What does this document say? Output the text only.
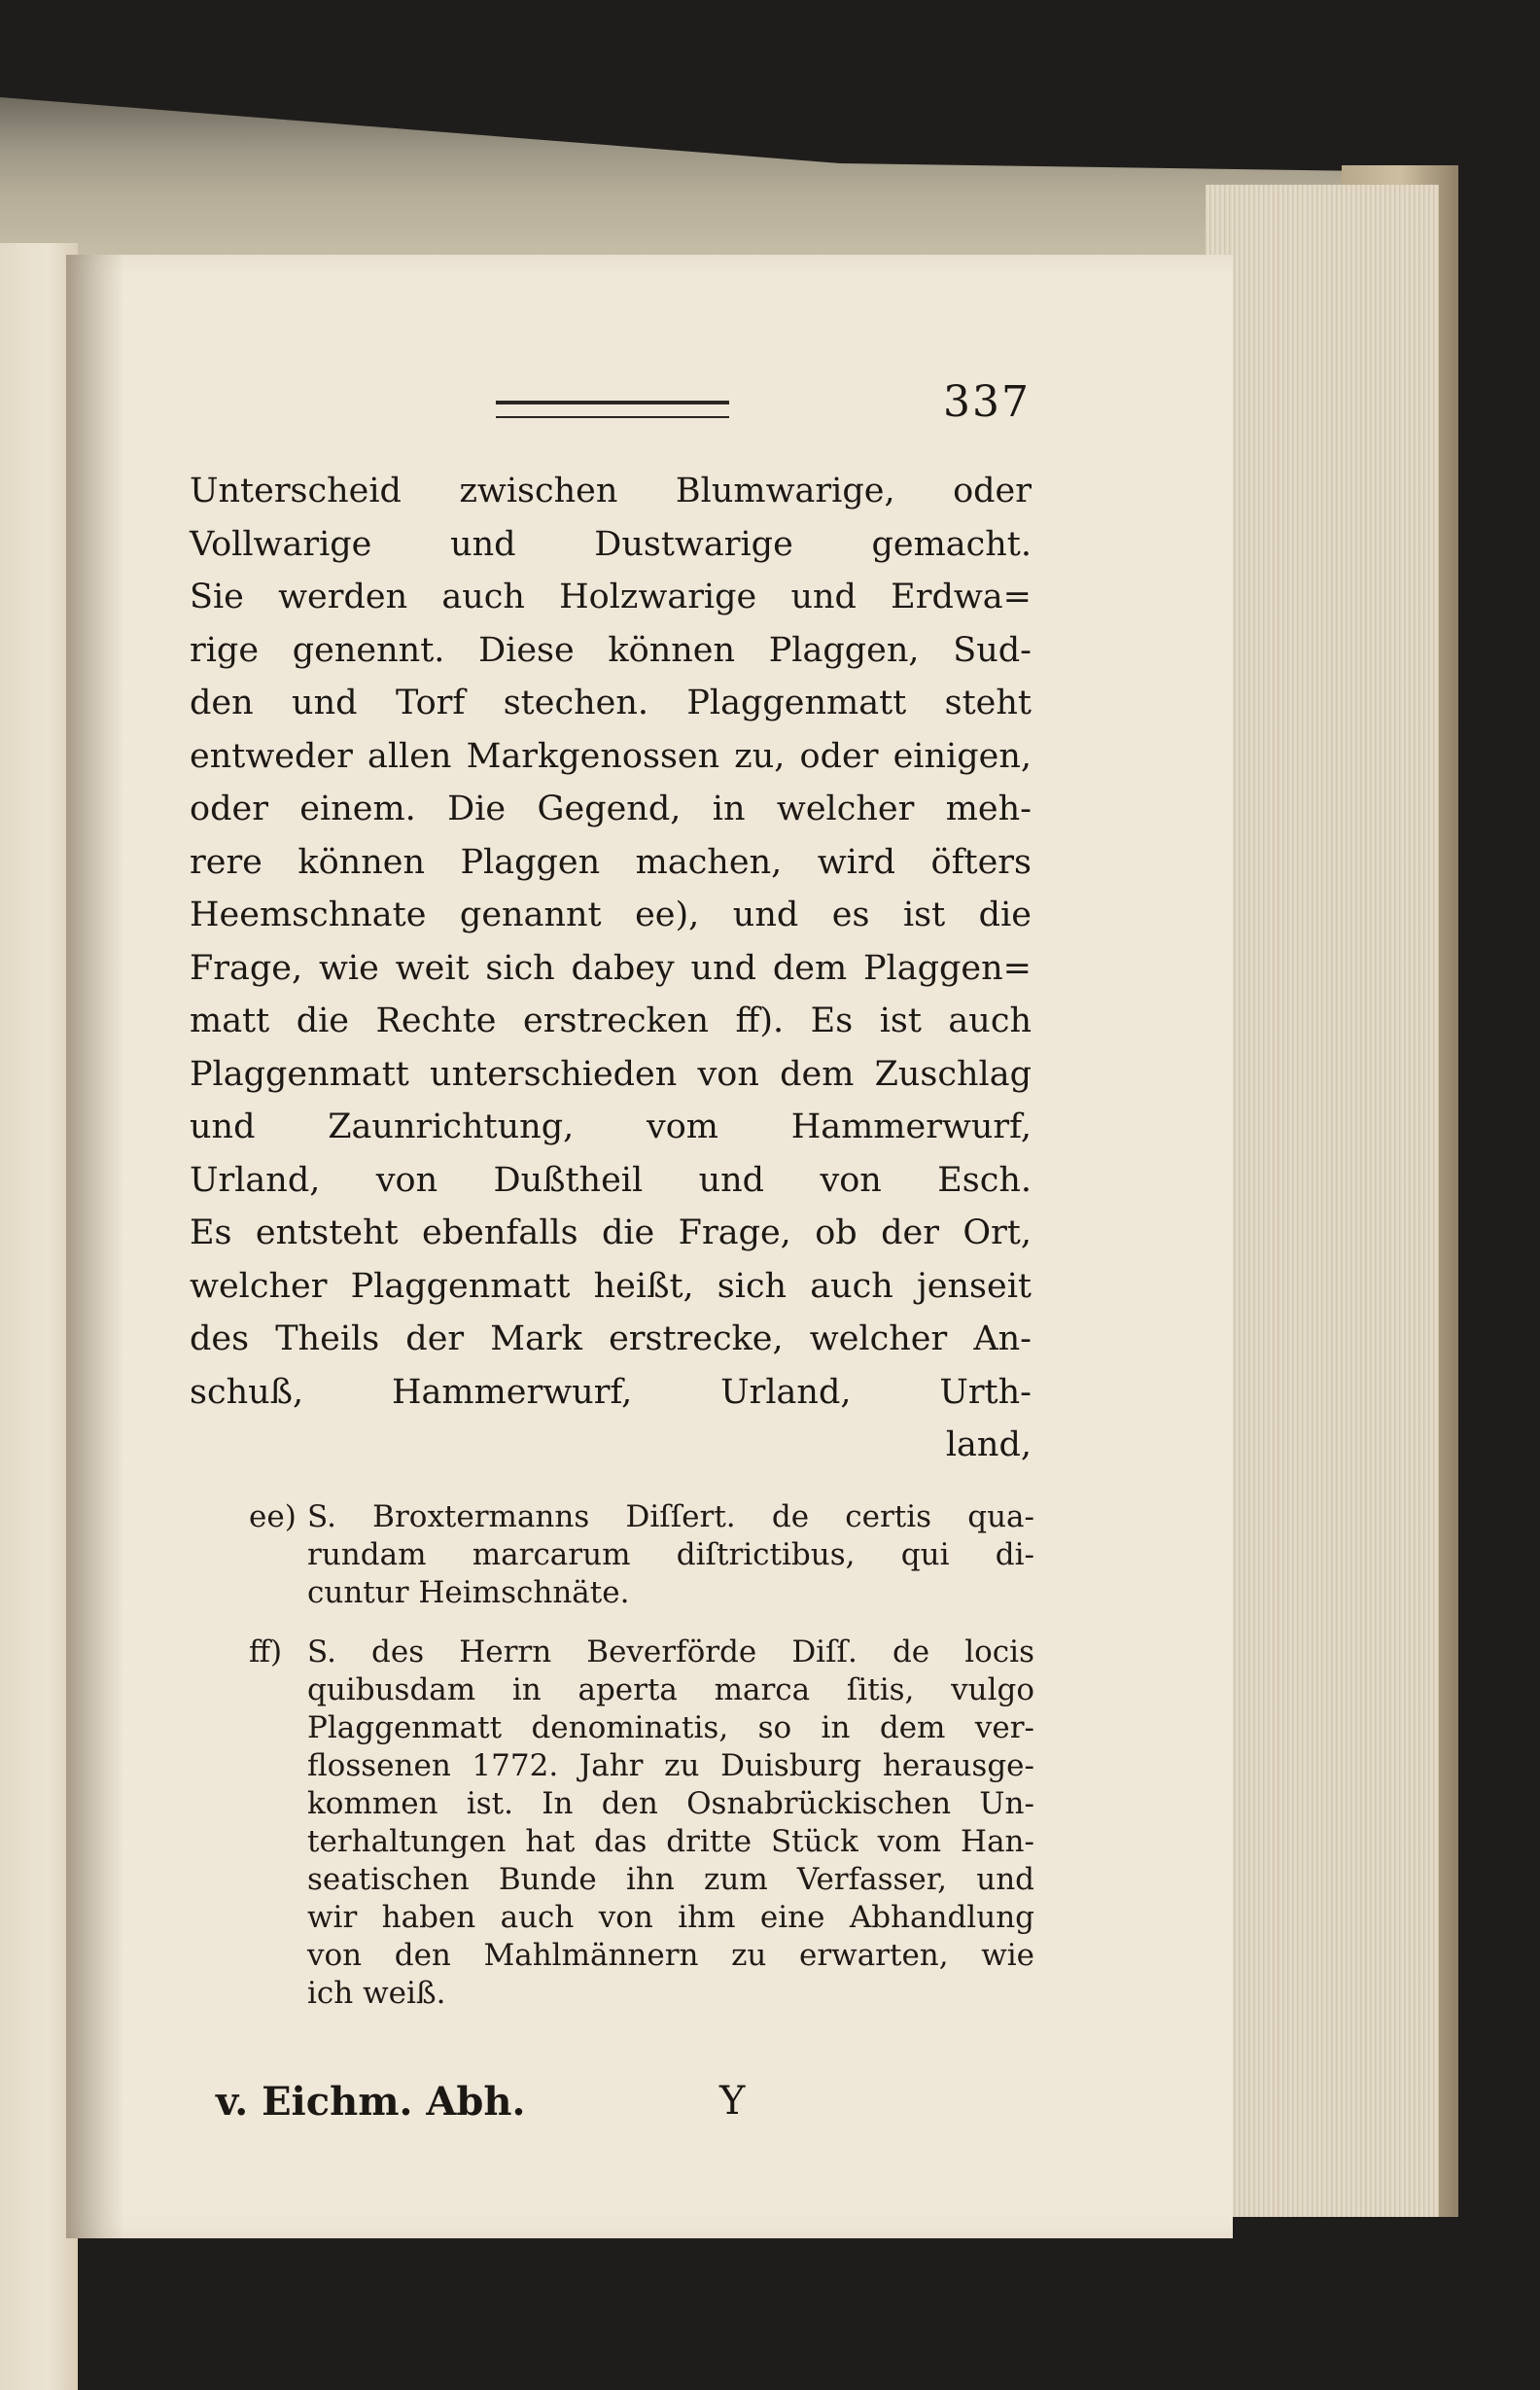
337
Unterscheid zwischen Blumwarige, oder
Vollwarige und Dustwarige gemacht.
Sie werden auch Holzwarige und Erdwa=
rige genennt. Diese können Plaggen, Sud-
den und Torf stechen. Plaggenmatt steht
entweder allen Markgenossen zu, oder einigen,
oder einem. Die Gegend, in welcher meh-
rere können Plaggen machen, wird öfters
Heemschnate genannt ee), und es ist die
Frage, wie weit sich dabey und dem Plaggen=
matt die Rechte erstrecken ff). Es ist auch
Plaggenmatt unterschieden von dem Zuschlag
und Zaunrichtung, vom Hammerwurf,
Urland, von Dußtheil und von Esch.
Es entsteht ebenfalls die Frage, ob der Ort,
welcher Plaggenmatt heißt, sich auch jenseit
des Theils der Mark erstrecke, welcher An-
schuß, Hammerwurf, Urland, Urth-
land,
ee) S. Broxtermanns Diſſert. de certis qua-
rundam marcarum diſtrictibus, qui di-
cuntur Heimschnäte.
ff) S. des Herrn Beverförde Diſſ. de locis
quibusdam in aperta marca ſitis, vulgo
Plaggenmatt denominatis, so in dem ver-
flossenen 1772. Jahr zu Duisburg herausge-
kommen ist. In den Osnabrückischen Un-
terhaltungen hat das dritte Stück vom Han-
seatischen Bunde ihn zum Verfasser, und
wir haben auch von ihm eine Abhandlung
von den Mahlmännern zu erwarten, wie
ich weiß.
v. Eichm. Abh.	Y
